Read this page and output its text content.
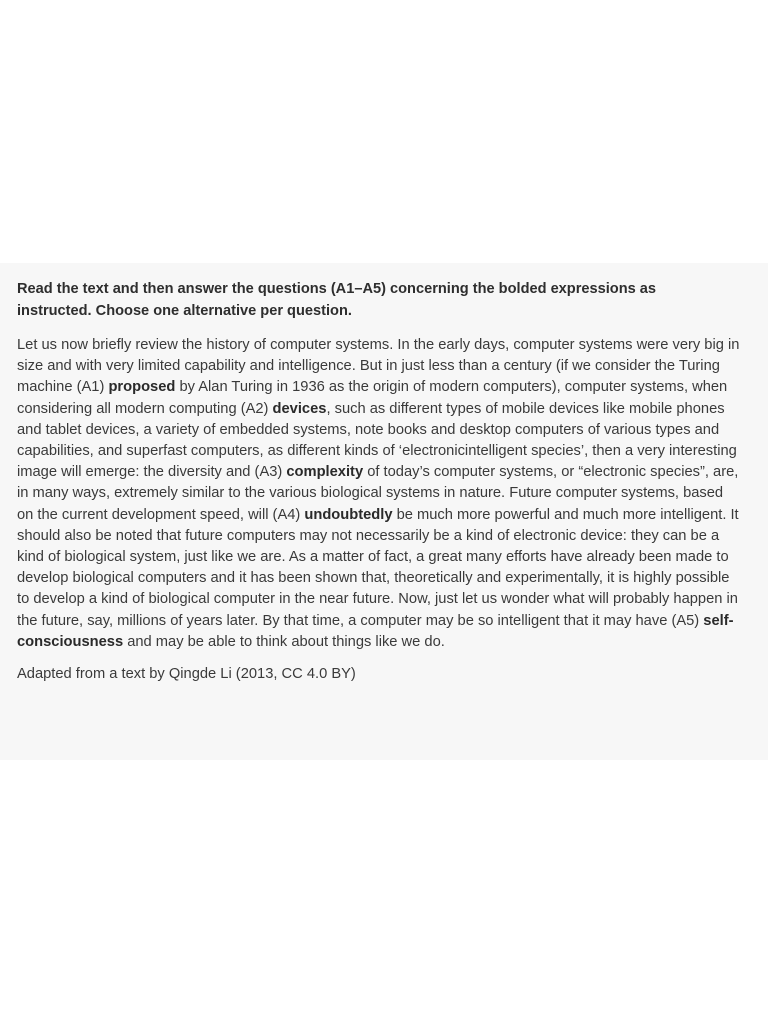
Read the text and then answer the questions (A1–A5) concerning the bolded expressions as instructed. Choose one alternative per question.

Let us now briefly review the history of computer systems. In the early days, computer systems were very big in size and with very limited capability and intelligence. But in just less than a century (if we consider the Turing machine (A1) proposed by Alan Turing in 1936 as the origin of modern computers), computer systems, when considering all modern computing (A2) devices, such as different types of mobile devices like mobile phones and tablet devices, a variety of embedded systems, note books and desktop computers of various types and capabilities, and superfast computers, as different kinds of ‘electronicintelligent species’, then a very interesting image will emerge: the diversity and (A3) complexity of today’s computer systems, or “electronic species”, are, in many ways, extremely similar to the various biological systems in nature. Future computer systems, based on the current development speed, will (A4) undoubtedly be much more powerful and much more intelligent. It should also be noted that future computers may not necessarily be a kind of electronic device: they can be a kind of biological system, just like we are. As a matter of fact, a great many efforts have already been made to develop biological computers and it has been shown that, theoretically and experimentally, it is highly possible to develop a kind of biological computer in the near future. Now, just let us wonder what will probably happen in the future, say, millions of years later. By that time, a computer may be so intelligent that it may have (A5) self-consciousness and may be able to think about things like we do.

Adapted from a text by Qingde Li (2013, CC 4.0 BY)
